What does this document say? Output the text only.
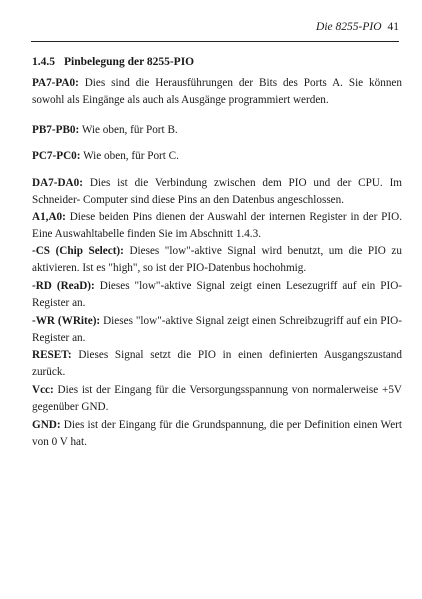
Die 8255-PIO 41
1.4.5 Pinbelegung der 8255-PIO

PA7-PA0: Dies sind die Herausführungen der Bits des Ports A. Sie können sowohl als Eingänge als auch als Ausgänge programmiert werden.

PB7-PB0: Wie oben, für Port B.

PC7-PC0: Wie oben, für Port C.

DA7-DA0: Dies ist die Verbindung zwischen dem PIO und der CPU. Im Schneider- Computer sind diese Pins an den Datenbus angeschlossen.

A1,A0: Diese beiden Pins dienen der Auswahl der internen Register in der PIO. Eine Auswahltabelle finden Sie im Abschnitt 1.4.3.

-CS (Chip Select): Dieses "low"-aktive Signal wird benutzt, um die PIO zu aktivieren. Ist es "high", so ist der PIO-Datenbus hochohmig.

-RD (ReaD): Dieses "low"-aktive Signal zeigt einen Lesezugriff auf ein PIO-Register an.

-WR (WRite): Dieses "low"-aktive Signal zeigt einen Schreibzugriff auf ein PIO-Register an.

RESET: Dieses Signal setzt die PIO in einen definierten Ausgangszustand zurück.

Vcc: Dies ist der Eingang für die Versorgungsspannung von normalerweise +5V gegenüber GND.

GND: Dies ist der Eingang für die Grundspannung, die per Definition einen Wert von 0 V hat.
